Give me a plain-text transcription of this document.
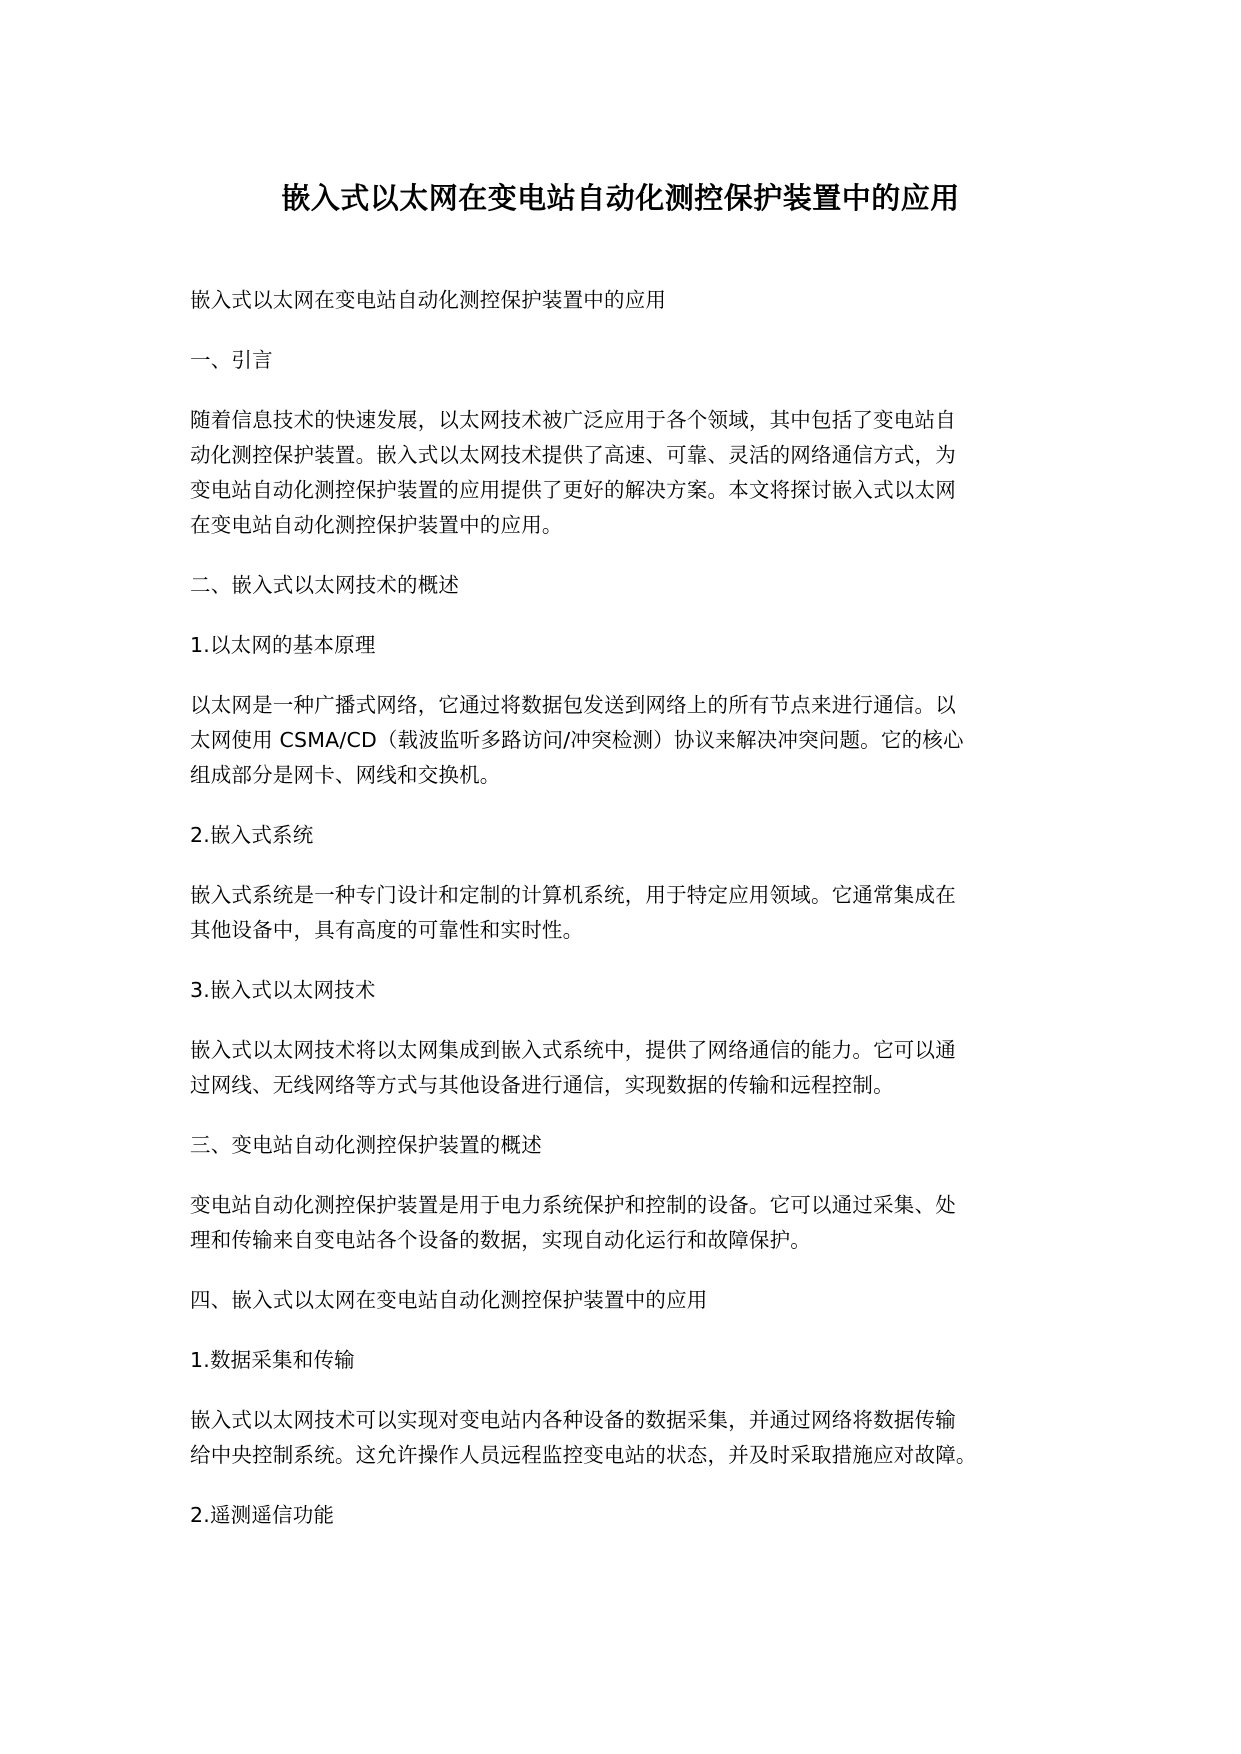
嵌入式以太网在变电站自动化测控保护装置中的应用

嵌入式以太网在变电站自动化测控保护装置中的应用

一、引言

随着信息技术的快速发展，以太网技术被广泛应用于各个领域，其中包括了变电站自
动化测控保护装置。嵌入式以太网技术提供了高速、可靠、灵活的网络通信方式，为
变电站自动化测控保护装置的应用提供了更好的解决方案。本文将探讨嵌入式以太网
在变电站自动化测控保护装置中的应用。

二、嵌入式以太网技术的概述

1.以太网的基本原理

以太网是一种广播式网络，它通过将数据包发送到网络上的所有节点来进行通信。以
太网使用 CSMA/CD（载波监听多路访问/冲突检测）协议来解决冲突问题。它的核心
组成部分是网卡、网线和交换机。

2.嵌入式系统

嵌入式系统是一种专门设计和定制的计算机系统，用于特定应用领域。它通常集成在
其他设备中，具有高度的可靠性和实时性。

3.嵌入式以太网技术

嵌入式以太网技术将以太网集成到嵌入式系统中，提供了网络通信的能力。它可以通
过网线、无线网络等方式与其他设备进行通信，实现数据的传输和远程控制。

三、变电站自动化测控保护装置的概述

变电站自动化测控保护装置是用于电力系统保护和控制的设备。它可以通过采集、处
理和传输来自变电站各个设备的数据，实现自动化运行和故障保护。

四、嵌入式以太网在变电站自动化测控保护装置中的应用

1.数据采集和传输

嵌入式以太网技术可以实现对变电站内各种设备的数据采集，并通过网络将数据传输
给中央控制系统。这允许操作人员远程监控变电站的状态，并及时采取措施应对故障。

2.遥测遥信功能
